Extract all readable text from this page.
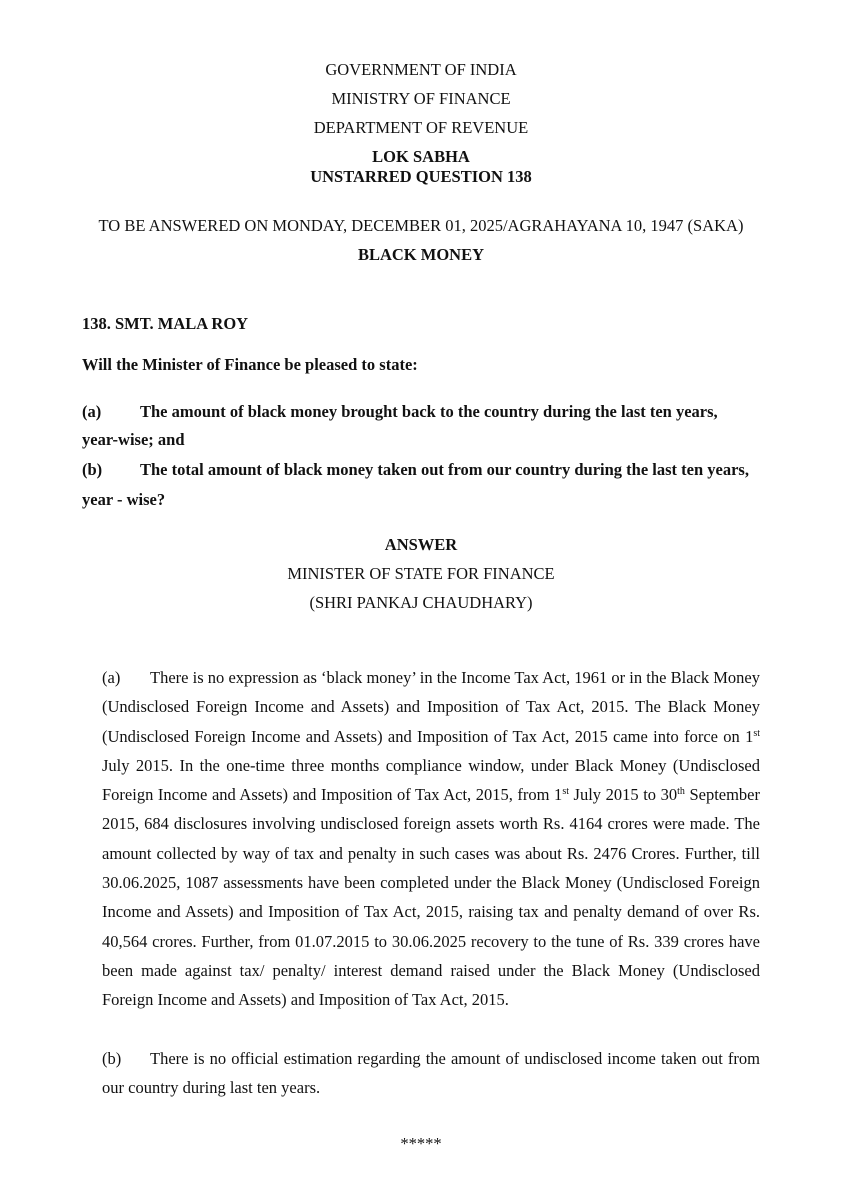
GOVERNMENT OF INDIA
MINISTRY OF FINANCE
DEPARTMENT OF REVENUE
LOK SABHA
UNSTARRED QUESTION 138
TO BE ANSWERED ON MONDAY, DECEMBER 01, 2025/AGRAHAYANA 10, 1947 (SAKA)
BLACK MONEY
138. SMT. MALA ROY
Will the Minister of Finance be pleased to state:
(a) The amount of black money brought back to the country during the last ten years,
year-wise; and
(b) The total amount of black money taken out from our country during the last ten years,
year - wise?
ANSWER
MINISTER OF STATE FOR FINANCE
(SHRI PANKAJ CHAUDHARY)
(a) There is no expression as ‘black money’ in the Income Tax Act, 1961 or in the Black Money (Undisclosed Foreign Income and Assets) and Imposition of Tax Act, 2015. The Black Money (Undisclosed Foreign Income and Assets) and Imposition of Tax Act, 2015 came into force on 1st July 2015. In the one-time three months compliance window, under Black Money (Undisclosed Foreign Income and Assets) and Imposition of Tax Act, 2015, from 1st July 2015 to 30th September 2015, 684 disclosures involving undisclosed foreign assets worth Rs. 4164 crores were made. The amount collected by way of tax and penalty in such cases was about Rs. 2476 Crores. Further, till 30.06.2025, 1087 assessments have been completed under the Black Money (Undisclosed Foreign Income and Assets) and Imposition of Tax Act, 2015, raising tax and penalty demand of over Rs. 40,564 crores. Further, from 01.07.2015 to 30.06.2025 recovery to the tune of Rs. 339 crores have been made against tax/ penalty/ interest demand raised under the Black Money (Undisclosed Foreign Income and Assets) and Imposition of Tax Act, 2015.
(b) There is no official estimation regarding the amount of undisclosed income taken out from our country during last ten years.
*****
